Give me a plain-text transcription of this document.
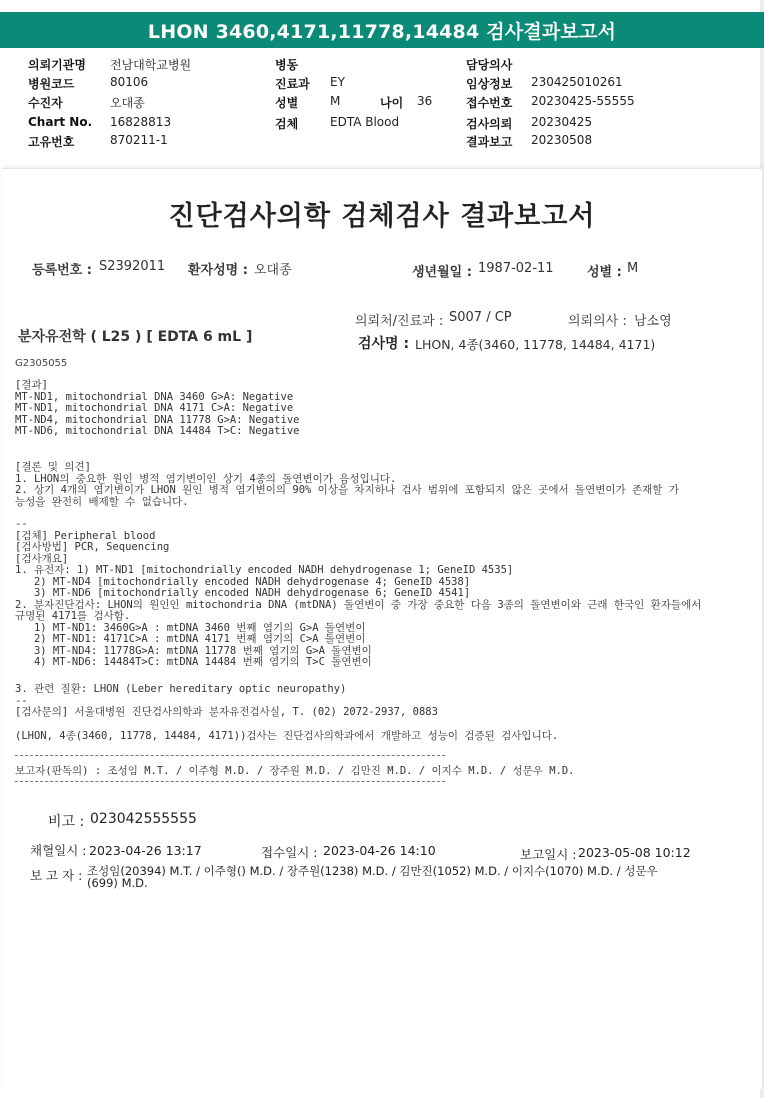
LHON 3460,4171,11778,14484 검사결과보고서
의뢰기관명 전남대학교병원	병동	담당의사
병원코드	80106	진료과 EY	임상정보 230425010261
수진자	오대종	성별	M	나이 36	접수번호 20230425-55555
Chart No. 16828813	검체	EDTA Blood	검사의뢰 20230425
고유번호	870211-1	결과보고 20230508
진단검사의학 검체검사 결과보고서
등록번호 : S2392011 환자성명 : 오대종	생년월일 : 1987-02-11	성별 : M
의뢰처/진료과 : S007 / CP	의뢰의사 : 남소영
분자유전학 ( L25 ) [ EDTA 6 mL ]	검사명 : LHON, 4종(3460, 11778, 14484, 4171)
G2305055
[결과]
MT-ND1, mitochondrial DNA 3460 G>A: Negative
MT-ND1, mitochondrial DNA 4171 C>A: Negative
MT-ND4, mitochondrial DNA 11778 G>A: Negative
MT-ND6, mitochondrial DNA 14484 T>C: Negative
[결론 및 의견]
1. LHON의 중요한 원인 병적 염기변이인 상기 4종의 돌연변이가 음성입니다.
2. 상기 4개의 염기변이가 LHON 원인 병적 염기변이의 90% 이상을 차지하나 검사 범위에 포함되지 않은 곳에서 돌연변이가 존재할 가
능성을 완전히 배제할 수 없습니다.
--
[검체] Peripheral blood
[검사방법] PCR, Sequencing
[검사개요]
1. 유전자: 1) MT-ND1 [mitochondrially encoded NADH dehydrogenase 1; GeneID 4535]
2) MT-ND4 [mitochondrially encoded NADH dehydrogenase 4; GeneID 4538]
3) MT-ND6 [mitochondrially encoded NADH dehydrogenase 6; GeneID 4541]
2. 분자진단검사: LHON의 원인인 mitochondria DNA (mtDNA) 돌연변이 중 가장 중요한 다음 3종의 돌연변이와 근래 한국인 환자들에서
규명된 4171를 검사함.
1) MT-ND1: 3460G>A : mtDNA 3460 번째 염기의 G>A 돌연변이
2) MT-ND1: 4171C>A : mtDNA 4171 번째 염기의 C>A 돌연변이
3) MT-ND4: 11778G>A: mtDNA 11778 번째 염기의 G>A 돌연변이
4) MT-ND6: 14484T>C: mtDNA 14484 번째 염기의 T>C 돌연변이
3. 관련 질환: LHON (Leber hereditary optic neuropathy)
--
[검사문의] 서울대병원 진단검사의학과 분자유전검사실, T. (02) 2072-2937, 0883
(LHON, 4종(3460, 11778, 14484, 4171))검사는 진단검사의학과에서 개발하고 성능이 검증된 검사입니다.
보고자(판독의) : 조성임 M.T. / 이주형 M.D. / 장주원 M.D. / 김만진 M.D. / 이지수 M.D. / 성문우 M.D.
비고 : 023042555555
채혈일시 : 2023-04-26 13:17	접수일시 : 2023-04-26 14:10	보고일시 : 2023-05-08 10:12
보 고 자 : 조성임(20394) M.T. / 이주형() M.D. / 장주원(1238) M.D. / 김만진(1052) M.D. / 이지수(1070) M.D. / 성문우
(699) M.D.
